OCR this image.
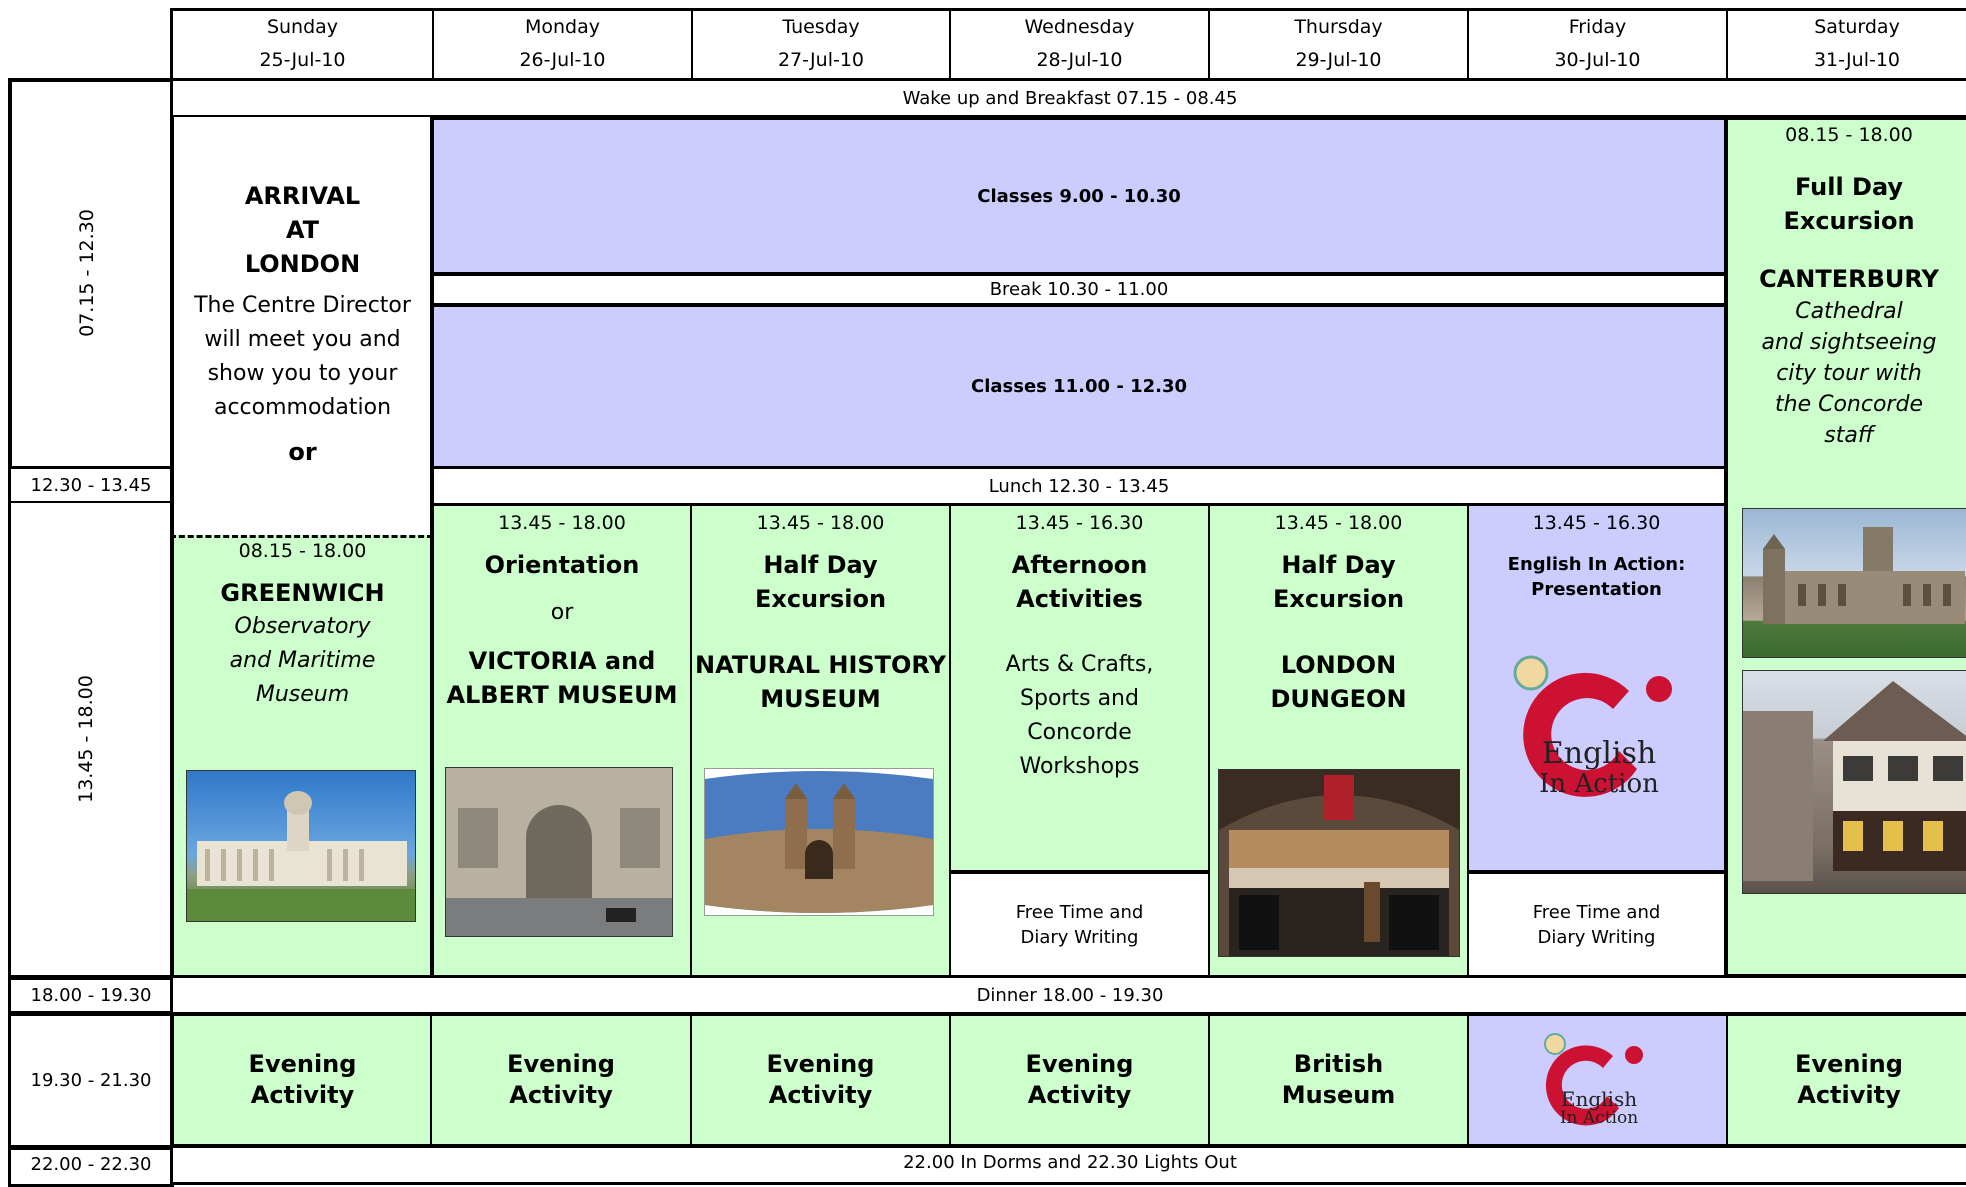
Sunday
25-Jul-10
Monday
26-Jul-10
Tuesday
27-Jul-10
Wednesday
28-Jul-10
Thursday
29-Jul-10
Friday
30-Jul-10
Saturday
31-Jul-10
07.15 - 12.30
12.30 - 13.45
13.45 - 18.00
18.00 - 19.30
19.30 - 21.30
22.00 - 22.30
Wake up and Breakfast 07.15 - 08.45
ARRIVAL
AT
LONDON
The Centre Director
will meet you and
show you to your
accommodation
or
Classes 9.00 - 10.30
Break 10.30 - 11.00
Classes 11.00 - 12.30
Lunch 12.30 - 13.45
08.15 - 18.00
Full Day
Excursion
CANTERBURY
Cathedral
and sightseeing
city tour with
the Concorde
staff
08.15 - 18.00
GREENWICH
Observatory
and Maritime
Museum
13.45 - 18.00
Orientation
or
VICTORIA and
ALBERT MUSEUM
13.45 - 18.00
Half Day
Excursion
NATURAL HISTORY
MUSEUM
13.45 - 16.30
Afternoon
Activities
Arts & Crafts,
Sports and
Concorde
Workshops
Free Time and
Diary Writing
13.45 - 18.00
Half Day
Excursion
LONDON
DUNGEON
13.45 - 16.30
English In Action:
Presentation
English
In Action
Free Time and
Diary Writing
Dinner 18.00 - 19.30
Evening
Activity
Evening
Activity
Evening
Activity
Evening
Activity
British
Museum	English
In Action
Evening
Activity
22.00 In Dorms and 22.30 Lights Out
